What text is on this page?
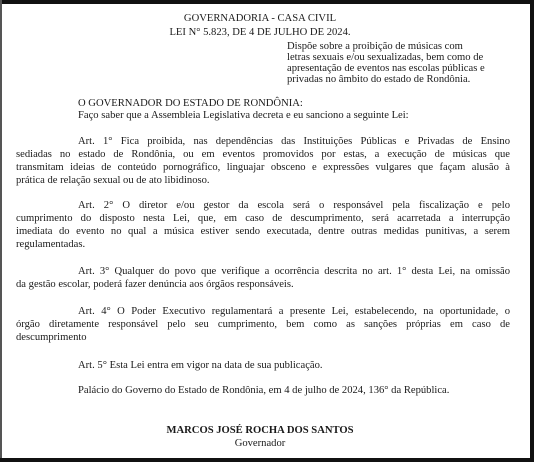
GOVERNADORIA - CASA CIVIL
LEI N° 5.823, DE 4 DE JULHO DE 2024.
Dispõe sobre a proibição de músicas com
letras sexuais e/ou sexualizadas, bem como de
apresentação de eventos nas escolas públicas e
privadas no âmbito do estado de Rondônia.
O GOVERNADOR DO ESTADO DE RONDÔNIA:
Faço saber que a Assembleia Legislativa decreta e eu sanciono a seguinte Lei:
Art. 1° Fica proibida, nas dependências das Instituições Públicas e Privadas de Ensino
sediadas no estado de Rondônia, ou em eventos promovidos por estas, a execução de músicas que
transmitam ideias de conteúdo pornográfico, linguajar obsceno e expressões vulgares que façam alusão à
prática de relação sexual ou de ato libidinoso.
Art. 2° O diretor e/ou gestor da escola será o responsável pela fiscalização e pelo
cumprimento do disposto nesta Lei, que, em caso de descumprimento, será acarretada a interrupção
imediata do evento no qual a música estiver sendo executada, dentre outras medidas punitivas, a serem
regulamentadas.
Art. 3° Qualquer do povo que verifique a ocorrência descrita no art. 1° desta Lei, na omissão
da gestão escolar, poderá fazer denúncia aos órgãos responsáveis.
Art. 4° O Poder Executivo regulamentará a presente Lei, estabelecendo, na oportunidade, o
órgão diretamente responsável pelo seu cumprimento, bem como as sanções próprias em caso de
descumprimento
Art. 5° Esta Lei entra em vigor na data de sua publicação.
Palácio do Governo do Estado de Rondônia, em 4 de julho de 2024, 136° da República.
MARCOS JOSÉ ROCHA DOS SANTOS
Governador
